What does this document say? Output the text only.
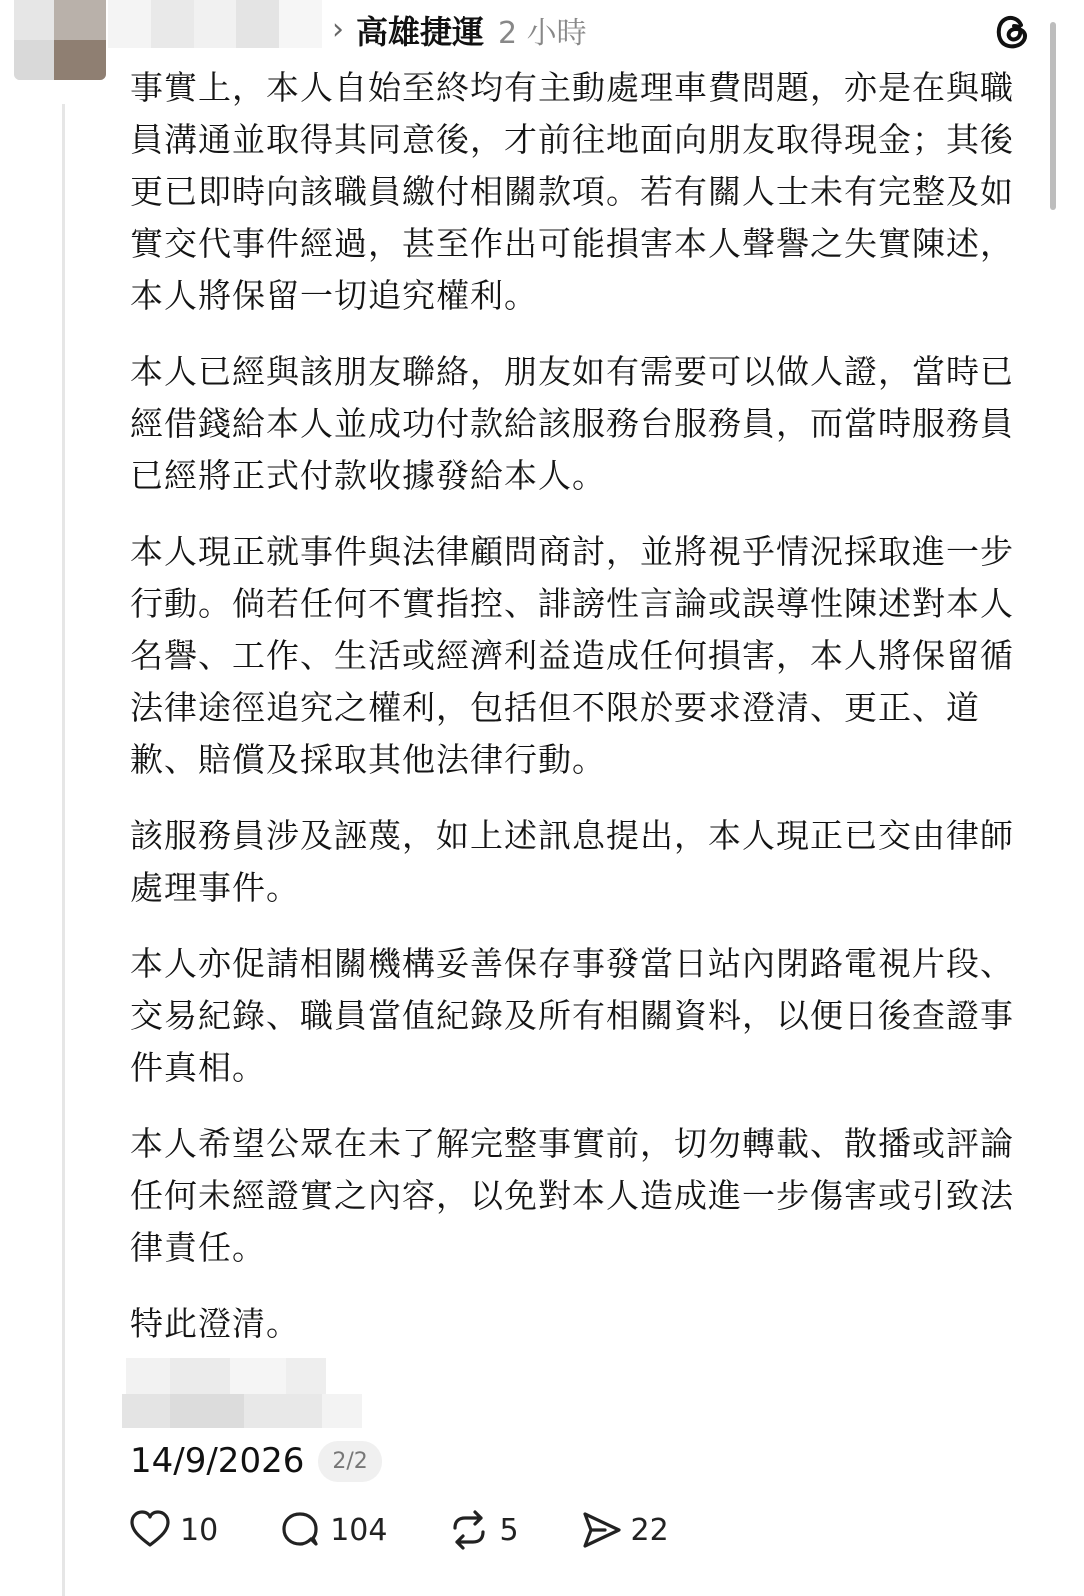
› 高雄捷運 2 小時

事實上，本人自始至終均有主動處理車費問題，亦是在與職員溝通並取得其同意後，才前往地面向朋友取得現金；其後更已即時向該職員繳付相關款項。若有關人士未有完整及如實交代事件經過，甚至作出可能損害本人聲譽之失實陳述，本人將保留一切追究權利。

本人已經與該朋友聯絡，朋友如有需要可以做人證，當時已經借錢給本人並成功付款給該服務台服務員，而當時服務員已經將正式付款收據發給本人。

本人現正就事件與法律顧問商討，並將視乎情況採取進一步行動。倘若任何不實指控、誹謗性言論或誤導性陳述對本人名譽、工作、生活或經濟利益造成任何損害，本人將保留循法律途徑追究之權利，包括但不限於要求澄清、更正、道歉、賠償及採取其他法律行動。

該服務員涉及誣蔑，如上述訊息提出，本人現正已交由律師處理事件。

本人亦促請相關機構妥善保存事發當日站內閉路電視片段、交易紀錄、職員當值紀錄及所有相關資料，以便日後查證事件真相。

本人希望公眾在未了解完整事實前，切勿轉載、散播或評論任何未經證實之內容，以免對本人造成進一步傷害或引致法律責任。

特此澄清。

14/9/2026	2/2
10	104	5	22
